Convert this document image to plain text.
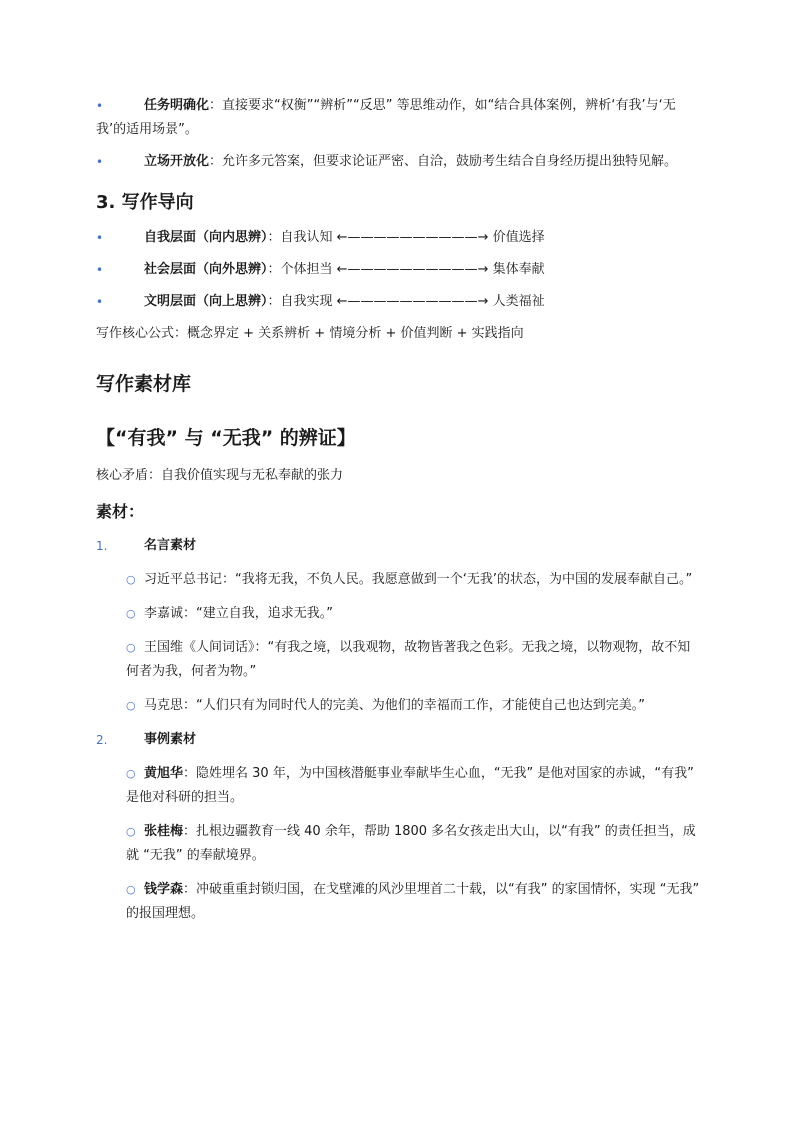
•	任务明确化：直接要求“权衡”“辨析”“反思” 等思维动作，如“结合具体案例，辨析‘有我’与‘无我’的适用场景”。
•	立场开放化：允许多元答案，但要求论证严密、自洽，鼓励考生结合自身经历提出独特见解。
3. 写作导向
•	自我层面（向内思辨）：自我认知 ←——————————→ 价值选择
•	社会层面（向外思辨）：个体担当 ←——————————→ 集体奉献
•	文明层面（向上思辨）：自我实现 ←——————————→ 人类福祉
写作核心公式：概念界定 + 关系辨析 + 情境分析 + 价值判断 + 实践指向
写作素材库
【“有我” 与 “无我” 的辨证】
核心矛盾：自我价值实现与无私奉献的张力
素材：
1.	名言素材
○ 习近平总书记：“我将无我，不负人民。我愿意做到一个‘无我’的状态，为中国的发展奉献自己。”
○ 李嘉诚：“建立自我，追求无我。”
○ 王国维《人间词话》：“有我之境，以我观物，故物皆著我之色彩。无我之境，以物观物，故不知何者为我，何者为物。”
○ 马克思：“人们只有为同时代人的完美、为他们的幸福而工作，才能使自己也达到完美。”
2.	事例素材
○ 黄旭华：隐姓埋名 30 年，为中国核潜艇事业奉献毕生心血，“无我” 是他对国家的赤诚，“有我” 是他对科研的担当。
○ 张桂梅：扎根边疆教育一线 40 余年，帮助 1800 多名女孩走出大山，以“有我” 的责任担当，成就 “无我” 的奉献境界。
○ 钱学森：冲破重重封锁归国，在戈壁滩的风沙里埋首二十载，以“有我” 的家国情怀，实现 “无我” 的报国理想。
